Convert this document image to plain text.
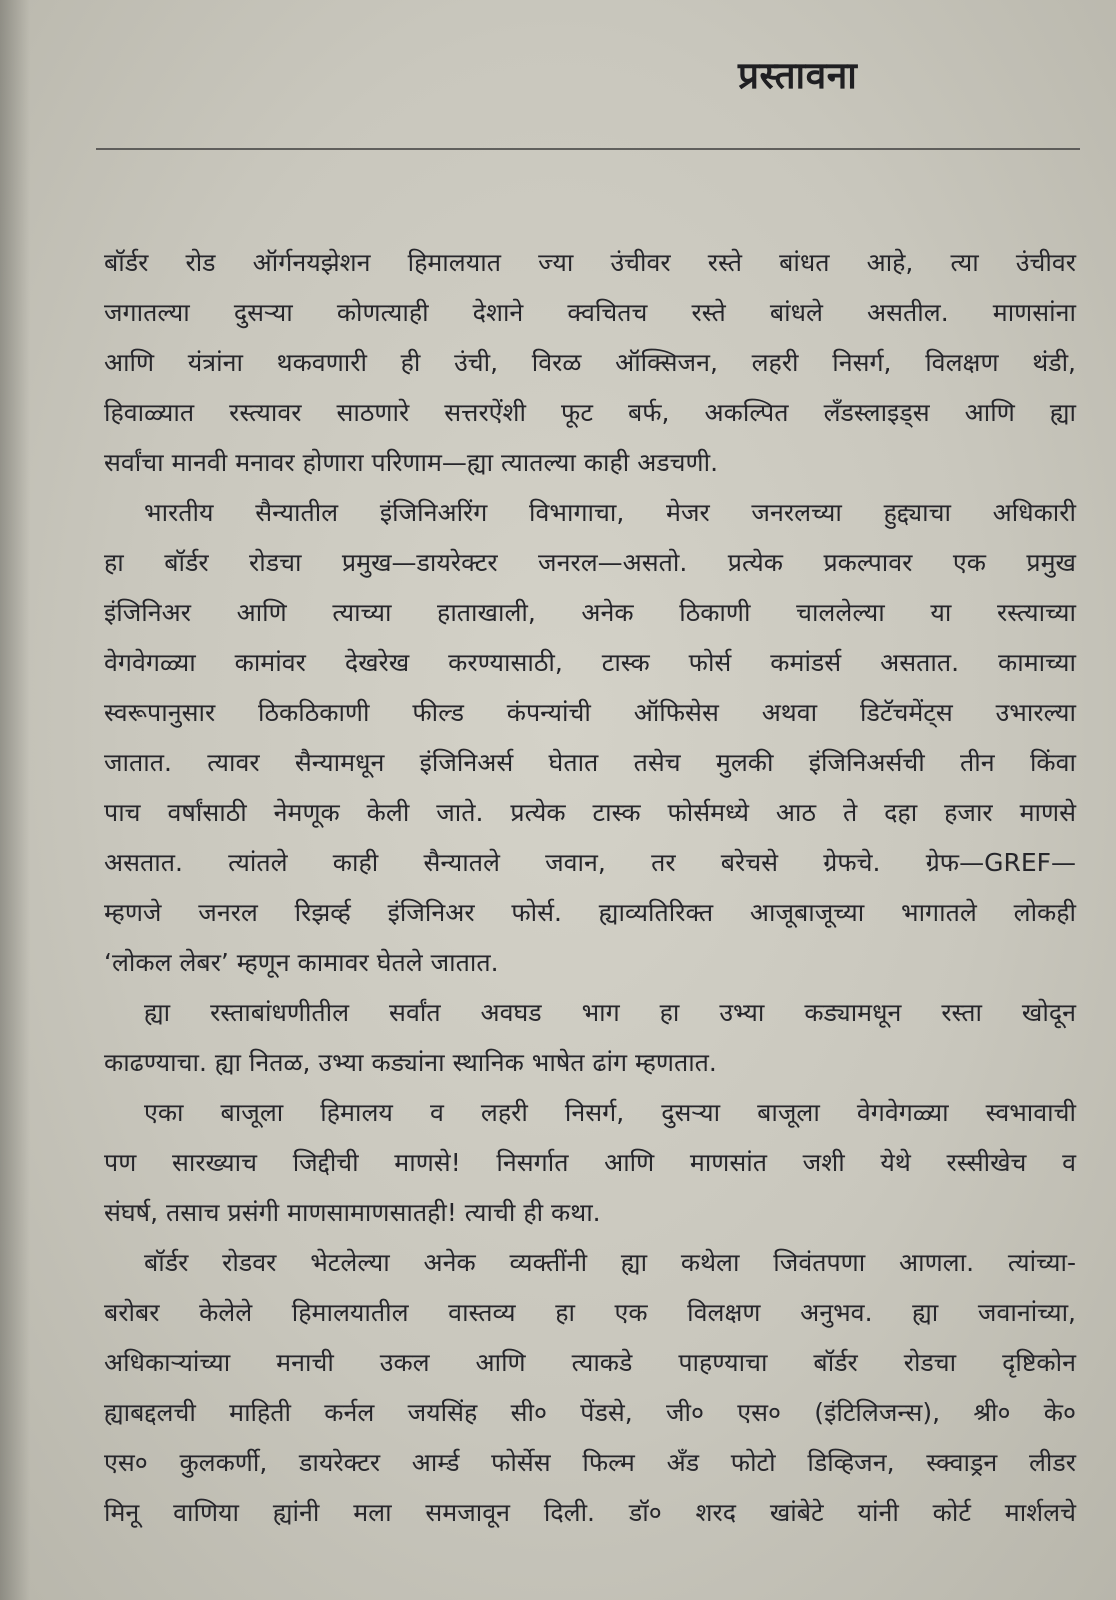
प्रस्तावना
बॉर्डर रोड ऑर्गनयझेशन हिमालयात ज्या उंचीवर रस्ते बांधत आहे, त्या उंचीवर
जगातल्या दुसऱ्या कोणत्याही देशाने क्वचितच रस्ते बांधले असतील. माणसांना
आणि यंत्रांना थकवणारी ही उंची, विरळ ऑक्सिजन, लहरी निसर्ग, विलक्षण थंडी,
हिवाळ्यात रस्त्यावर साठणारे सत्तरऐंशी फूट बर्फ, अकल्पित लॅंडस्लाइड्स आणि ह्या
सर्वांचा मानवी मनावर होणारा परिणाम—ह्या त्यातल्या काही अडचणी.
भारतीय सैन्यातील इंजिनिअरिंग विभागाचा, मेजर जनरलच्या हुद्द्याचा अधिकारी
हा बॉर्डर रोडचा प्रमुख—डायरेक्टर जनरल—असतो. प्रत्येक प्रकल्पावर एक प्रमुख
इंजिनिअर आणि त्याच्या हाताखाली, अनेक ठिकाणी चाललेल्या या रस्त्याच्या
वेगवेगळ्या कामांवर देखरेख करण्यासाठी, टास्क फोर्स कमांडर्स असतात. कामाच्या
स्वरूपानुसार ठिकठिकाणी फील्ड कंपन्यांची ऑफिसेस अथवा डिटॅचमेंट्स उभारल्या
जातात. त्यावर सैन्यामधून इंजिनिअर्स घेतात तसेच मुलकी इंजिनिअर्सची तीन किंवा
पाच वर्षांसाठी नेमणूक केली जाते. प्रत्येक टास्क फोर्समध्ये आठ ते दहा हजार माणसे
असतात. त्यांतले काही सैन्यातले जवान, तर बरेचसे ग्रेफचे. ग्रेफ—GREF—
म्हणजे जनरल रिझर्व्ह इंजिनिअर फोर्स. ह्याव्यतिरिक्त आजूबाजूच्या भागातले लोकही
‘लोकल लेबर’ म्हणून कामावर घेतले जातात.
ह्या रस्ताबांधणीतील सर्वांत अवघड भाग हा उभ्या कड्यामधून रस्ता खोदून
काढण्याचा. ह्या नितळ, उभ्या कड्यांना स्थानिक भाषेत ढांग म्हणतात.
एका बाजूला हिमालय व लहरी निसर्ग, दुसऱ्या बाजूला वेगवेगळ्या स्वभावाची
पण सारख्याच जिद्दीची माणसे! निसर्गात आणि माणसांत जशी येथे रस्सीखेच व
संघर्ष, तसाच प्रसंगी माणसामाणसातही! त्याची ही कथा.
बॉर्डर रोडवर भेटलेल्या अनेक व्यक्तींनी ह्या कथेला जिवंतपणा आणला. त्यांच्या-
बरोबर केलेले हिमालयातील वास्तव्य हा एक विलक्षण अनुभव. ह्या जवानांच्या,
अधिकाऱ्यांच्या मनाची उकल आणि त्याकडे पाहण्याचा बॉर्डर रोडचा दृष्टिकोन
ह्याबद्दलची माहिती कर्नल जयसिंह सी० पेंडसे, जी० एस० (इंटिलिजन्स), श्री० के०
एस० कुलकर्णी, डायरेक्टर आर्म्ड फोर्सेस फिल्म अँड फोटो डिव्हिजन, स्क्वाड्रन लीडर
मिनू वाणिया ह्यांनी मला समजावून दिली. डॉ० शरद खांबेटे यांनी कोर्ट मार्शलचे
